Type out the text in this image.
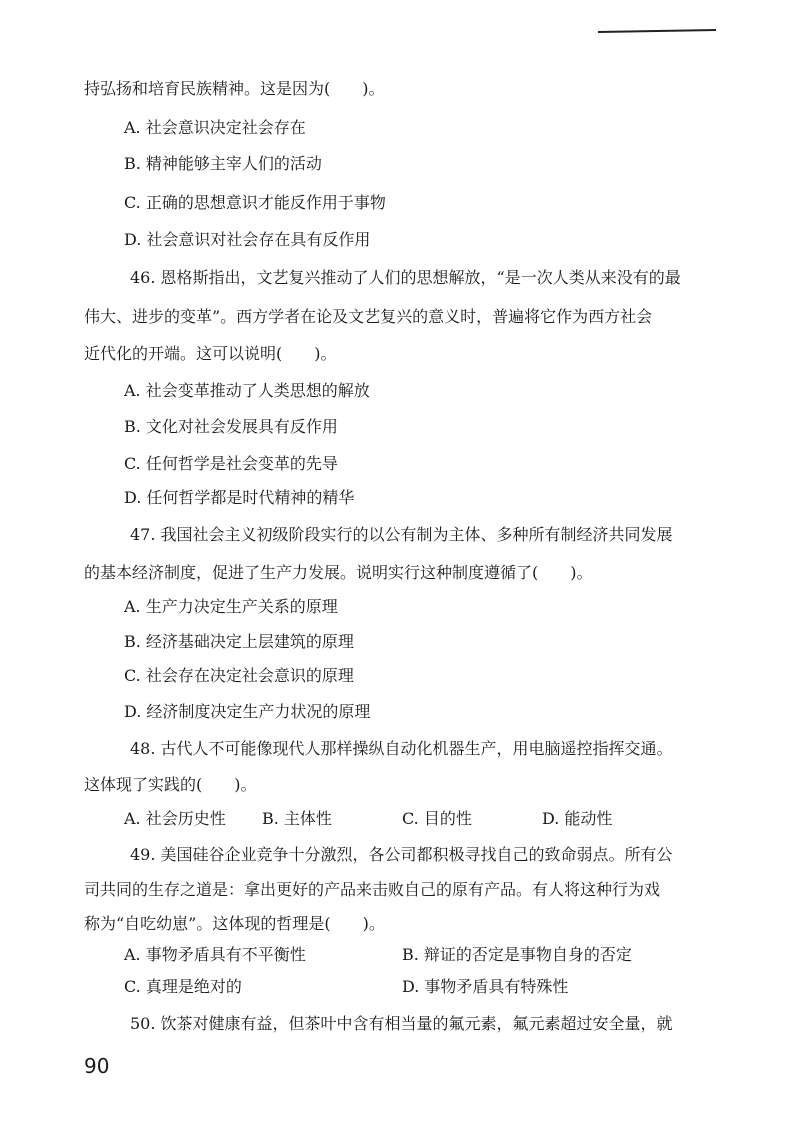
持弘扬和培育民族精神。这是因为(　　)。
A. 社会意识决定社会存在
B. 精神能够主宰人们的活动
C. 正确的思想意识才能反作用于事物
D. 社会意识对社会存在具有反作用
46. 恩格斯指出，文艺复兴推动了人们的思想解放，“是一次人类从来没有的最
伟大、进步的变革”。西方学者在论及文艺复兴的意义时，普遍将它作为西方社会
近代化的开端。这可以说明(　　)。
A. 社会变革推动了人类思想的解放
B. 文化对社会发展具有反作用
C. 任何哲学是社会变革的先导
D. 任何哲学都是时代精神的精华
47. 我国社会主义初级阶段实行的以公有制为主体、多种所有制经济共同发展
的基本经济制度，促进了生产力发展。说明实行这种制度遵循了(　　)。
A. 生产力决定生产关系的原理
B. 经济基础决定上层建筑的原理
C. 社会存在决定社会意识的原理
D. 经济制度决定生产力状况的原理
48. 古代人不可能像现代人那样操纵自动化机器生产，用电脑遥控指挥交通。
这体现了实践的(　　)。
A. 社会历史性 B. 主体性	C. 目的性	D. 能动性
49. 美国硅谷企业竞争十分激烈，各公司都积极寻找自己的致命弱点。所有公
司共同的生存之道是：拿出更好的产品来击败自己的原有产品。有人将这种行为戏
称为“自吃幼崽”。这体现的哲理是(　　)。
A. 事物矛盾具有不平衡性	B. 辩证的否定是事物自身的否定
C. 真理是绝对的	D. 事物矛盾具有特殊性
50. 饮茶对健康有益，但茶叶中含有相当量的氟元素，氟元素超过安全量，就
90
